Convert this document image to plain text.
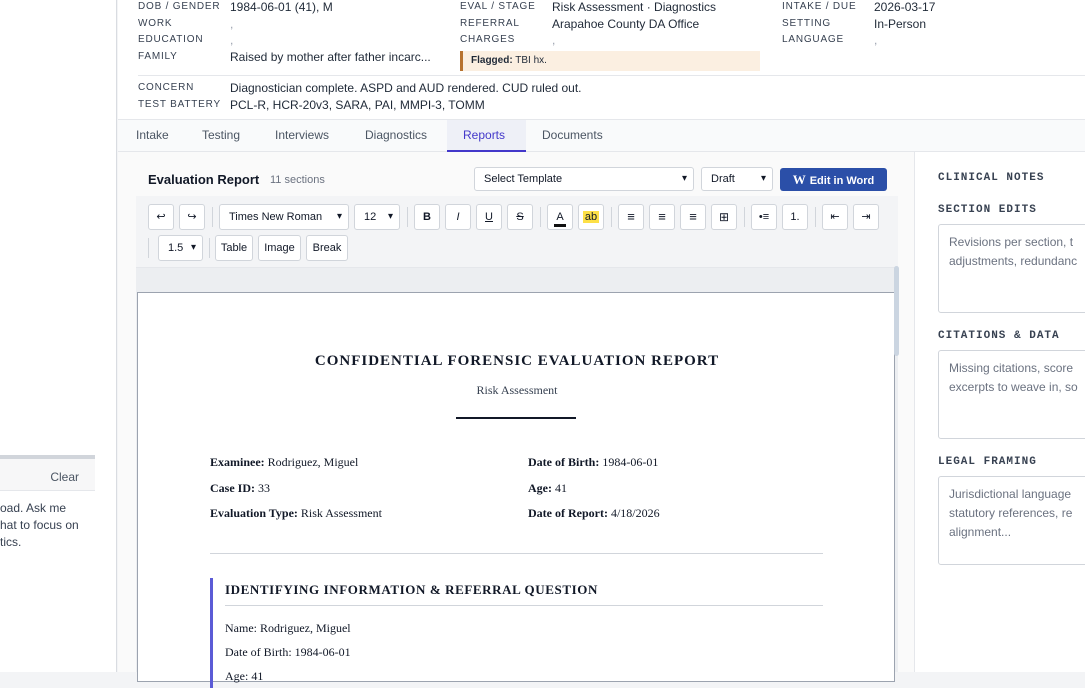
Clear
oad. Ask me
hat to focus on
tics.
DOB / GENDER 1984-06-01 (41), M
WORK	,
EDUCATION ,
FAMILY	Raised by mother after father incarc...
EVAL / STAGE Risk Assessment · Diagnostics
REFERRAL	Arapahoe County DA Office
CHARGES	,
Flagged: TBI hx.
INTAKE / DUE 2026-03-17
SETTING	In-Person
LANGUAGE	,
CONCERN	Diagnostician complete. ASPD and AUD rendered. CUD ruled out.
TEST BATTERY PCL-R, HCR-20v3, SARA, PAI, MMPI-3, TOMM
Intake	Testing	Interviews	Diagnostics	Reports	Documents
Evaluation Report 11 sections	Select Template	▾	Draft	▾	W Edit in Word
↩	↪	Times New Roman ▾	12 ▾	B	I	U	S	A	ab	≡	≡	≡	⊞	•≡	1.	⇤	⇥
1.5 ▾	Table	Image	Break
CONFIDENTIAL FORENSIC EVALUATION REPORT
Risk Assessment
Examinee: Rodriguez, Miguel
Case ID: 33
Evaluation Type: Risk Assessment
Date of Birth: 1984-06-01
Age: 41
Date of Report: 4/18/2026
IDENTIFYING INFORMATION & REFERRAL QUESTION
Name: Rodriguez, Miguel
Date of Birth: 1984-06-01
Age: 41
CLINICAL NOTES
SECTION EDITS
Revisions per section, t
adjustments, redundanc
CITATIONS & DATA
Missing citations, score
excerpts to weave in, so
LEGAL FRAMING
Jurisdictional language
statutory references, re
alignment...
